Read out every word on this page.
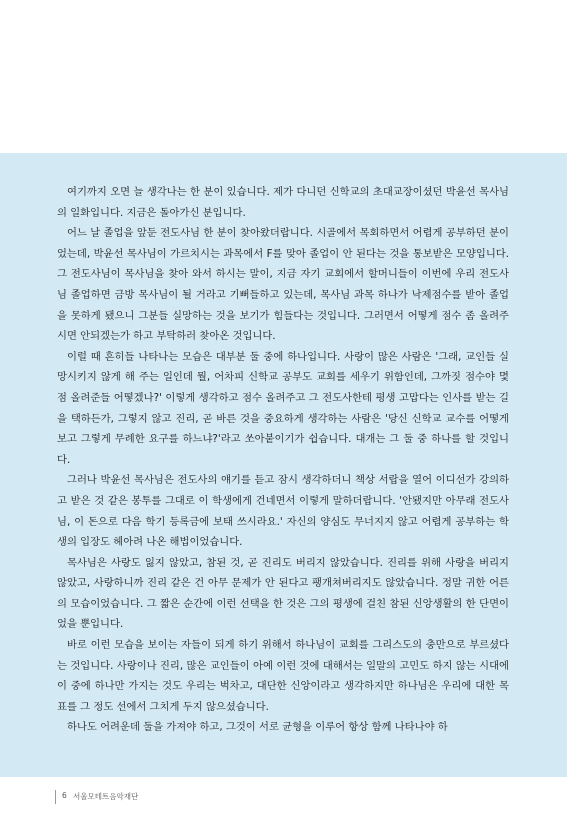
여기까지 오면 늘 생각나는 한 분이 있습니다. 제가 다니던 신학교의 초대교장이셨던 박윤선 목사님의 일화입니다. 지금은 돌아가신 분입니다.

어느 날 졸업을 앞둔 전도사님 한 분이 찾아왔더랍니다. 시골에서 목회하면서 어렵게 공부하던 분이었는데, 박윤선 목사님이 가르치시는 과목에서 F를 맞아 졸업이 안 된다는 것을 통보받은 모양입니다. 그 전도사님이 목사님을 찾아 와서 하시는 말이, 지금 자기 교회에서 할머니들이 이번에 우리 전도사님 졸업하면 금방 목사님이 될 거라고 기뻐들하고 있는데, 목사님 과목 하나가 낙제점수를 받아 졸업을 못하게 됐으니 그분들 실망하는 것을 보기가 힘들다는 것입니다. 그러면서 어떻게 점수 좀 올려주시면 안되겠는가 하고 부탁하러 찾아온 것입니다.

이럴 때 흔히들 나타나는 모습은 대부분 둘 중에 하나입니다. 사랑이 많은 사람은 '그래, 교인들 실망시키지 않게 해 주는 일인데 뭘, 어차피 신학교 공부도 교회를 세우기 위함인데, 그까짓 점수야 몇 점 올려준들 어떻겠나?' 이렇게 생각하고 점수 올려주고 그 전도사한테 평생 고맙다는 인사를 받는 길을 택하든가, 그렇지 않고 진리, 곧 바른 것을 중요하게 생각하는 사람은 '당신 신학교 교수를 어떻게 보고 그렇게 무례한 요구를 하느냐?'라고 쏘아붙이기가 쉽습니다. 대개는 그 둘 중 하나를 할 것입니다.

그러나 박윤선 목사님은 전도사의 얘기를 듣고 잠시 생각하더니 책상 서랍을 열어 이디선가 강의하고 받은 것 같은 봉투를 그대로 이 학생에게 건네면서 이렇게 말하더랍니다. '안됐지만 아무래 전도사님, 이 돈으로 다음 학기 등록금에 보태 쓰시라요.' 자신의 양심도 무너지지 않고 어렵게 공부하는 학생의 입장도 헤아려 나온 해법이었습니다.

목사님은 사랑도 잃지 않았고, 참된 것, 곧 진리도 버리지 않았습니다. 진리를 위해 사랑을 버리지 않았고, 사랑하니까 진리 같은 건 아무 문제가 안 된다고 팽개쳐버리지도 않았습니다. 정말 귀한 어른의 모습이었습니다. 그 짧은 순간에 이런 선택을 한 것은 그의 평생에 걸친 참된 신앙생활의 한 단면이었을 뿐입니다.

바로 이런 모습을 보이는 자들이 되게 하기 위해서 하나님이 교회를 그리스도의 충만으로 부르셨다는 것입니다. 사랑이나 진리, 많은 교인들이 아예 이런 것에 대해서는 일말의 고민도 하지 않는 시대에 이 중에 하나만 가지는 것도 우리는 벅차고, 대단한 신앙이라고 생각하지만 하나님은 우리에 대한 목표를 그 정도 선에서 그치게 두지 않으셨습니다.

하나도 어려운데 둘을 가져야 하고, 그것이 서로 균형을 이루어 항상 함께 나타나야 하

6 서울모테트음악재단
